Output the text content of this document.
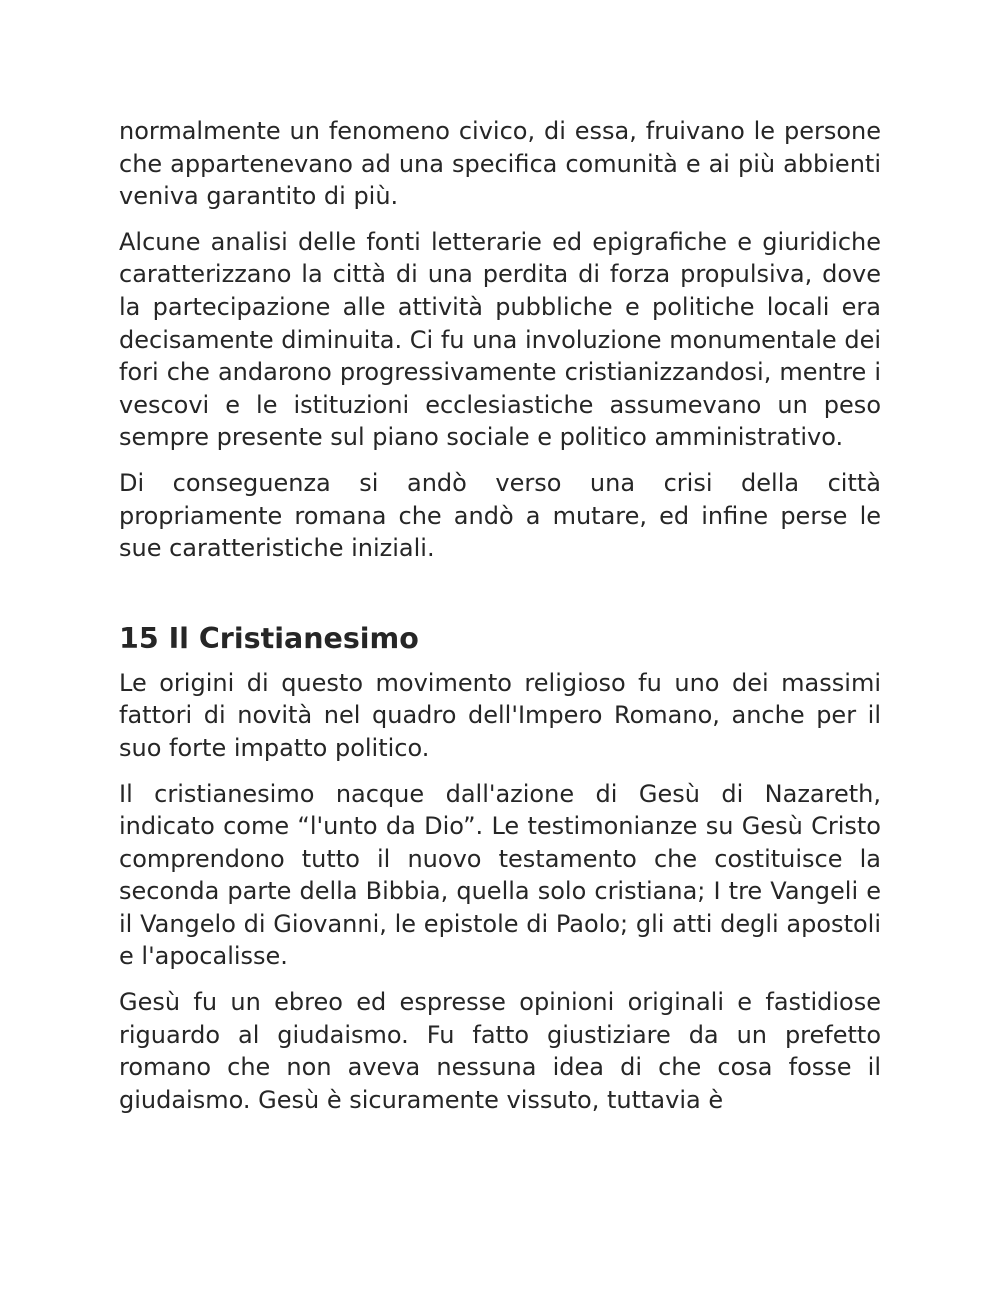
normalmente un fenomeno civico, di essa, fruivano le persone che appartenevano ad una specifica comunità e ai più abbienti veniva garantito di più.

Alcune analisi delle fonti letterarie ed epigrafiche e giuridiche caratterizzano la città di una perdita di forza propulsiva, dove la partecipazione alle attività pubbliche e politiche locali era decisamente diminuita. Ci fu una involuzione monumentale dei fori che andarono progressivamente cristianizzandosi, mentre i vescovi e le istituzioni ecclesiastiche assumevano un peso sempre presente sul piano sociale e politico amministrativo.

Di conseguenza si andò verso una crisi della città propriamente romana che andò a mutare, ed infine perse le sue caratteristiche iniziali.

15 Il Cristianesimo

Le origini di questo movimento religioso fu uno dei massimi fattori di novità nel quadro dell'Impero Romano, anche per il suo forte impatto politico.

Il cristianesimo nacque dall'azione di Gesù di Nazareth, indicato come “l'unto da Dio”. Le testimonianze su Gesù Cristo comprendono tutto il nuovo testamento che costituisce la seconda parte della Bibbia, quella solo cristiana; I tre Vangeli e il Vangelo di Giovanni, le epistole di Paolo; gli atti degli apostoli e l'apocalisse.

Gesù fu un ebreo ed espresse opinioni originali e fastidiose riguardo al giudaismo. Fu fatto giustiziare da un prefetto romano che non aveva nessuna idea di che cosa fosse il giudaismo. Gesù è sicuramente vissuto, tuttavia è
